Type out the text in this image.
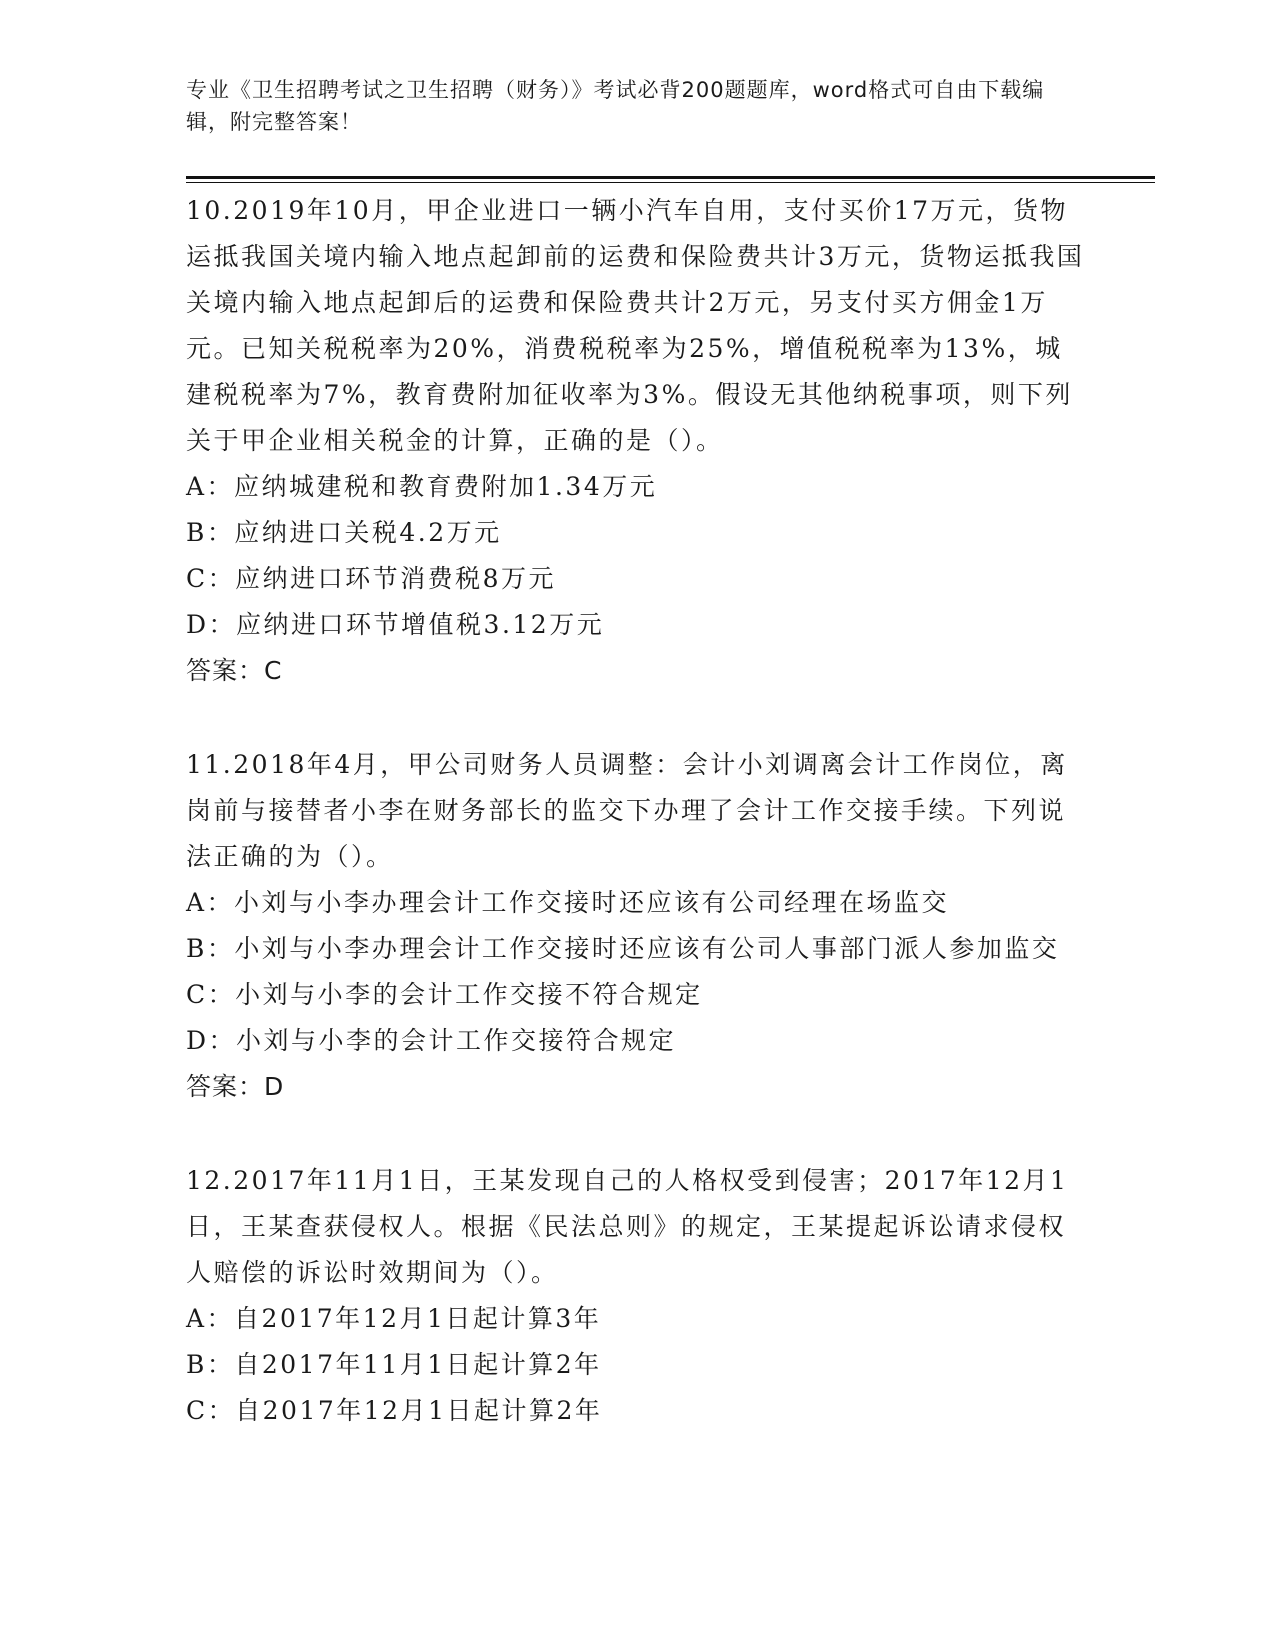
专业《卫生招聘考试之卫生招聘（财务）》考试必背200题题库，word格式可自由下载编辑，附完整答案！

10.2019年10月，甲企业进口一辆小汽车自用，支付买价17万元，货物运抵我国关境内输入地点起卸前的运费和保险费共计3万元，货物运抵我国关境内输入地点起卸后的运费和保险费共计2万元，另支付买方佣金1万元。已知关税税率为20%，消费税税率为25%，增值税税率为13%，城建税税率为7%，教育费附加征收率为3%。假设无其他纳税事项，则下列关于甲企业相关税金的计算，正确的是（）。

A：应纳城建税和教育费附加1.34万元

B：应纳进口关税4.2万元

C：应纳进口环节消费税8万元

D：应纳进口环节增值税3.12万元

答案：C

11.2018年4月，甲公司财务人员调整：会计小刘调离会计工作岗位，离岗前与接替者小李在财务部长的监交下办理了会计工作交接手续。下列说法正确的为（）。

A：小刘与小李办理会计工作交接时还应该有公司经理在场监交

B：小刘与小李办理会计工作交接时还应该有公司人事部门派人参加监交

C：小刘与小李的会计工作交接不符合规定

D：小刘与小李的会计工作交接符合规定

答案：D

12.2017年11月1日，王某发现自己的人格权受到侵害；2017年12月1日，王某查获侵权人。根据《民法总则》的规定，王某提起诉讼请求侵权人赔偿的诉讼时效期间为（）。

A：自2017年12月1日起计算3年

B：自2017年11月1日起计算2年

C：自2017年12月1日起计算2年
